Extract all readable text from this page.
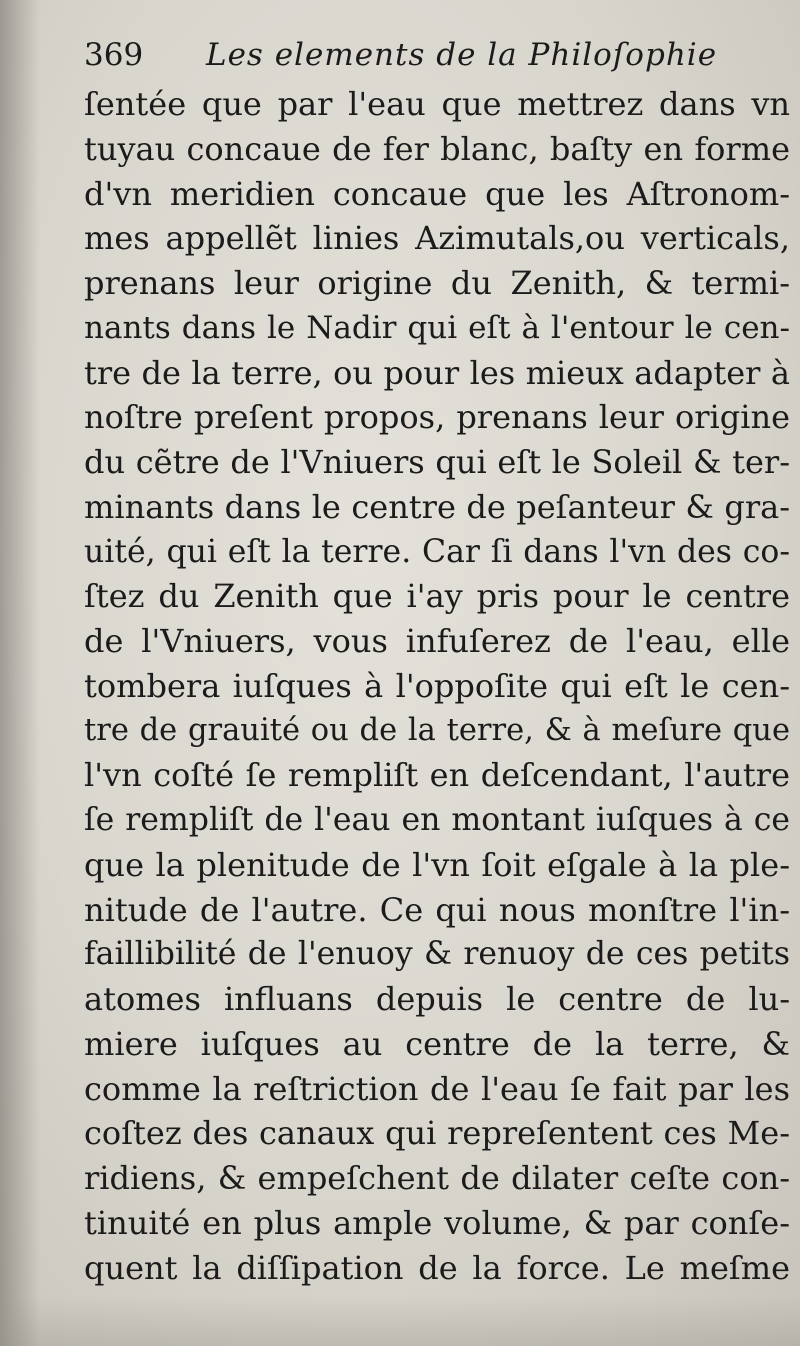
369 Les elements de la Philoſophie
ſentée que par l'eau que mettrez dans vn
tuyau concaue de fer blanc, baſty en forme
d'vn meridien concaue que les Aſtronom-
mes appellẽt linies Azimutals,ou verticals,
prenans leur origine du Zenith, & termi-
nants dans le Nadir qui eſt à l'entour le cen-
tre de la terre, ou pour les mieux adapter à
noſtre preſent propos, prenans leur origine
du cẽtre de l'Vniuers qui eſt le Soleil & ter-
minants dans le centre de peſanteur & gra-
uité, qui eſt la terre. Car ſi dans l'vn des co-
ſtez du Zenith que i'ay pris pour le centre
de l'Vniuers, vous infuſerez de l'eau, elle
tombera iuſques à l'oppoſite qui eſt le cen-
tre de grauité ou de la terre, & à meſure que
l'vn coſté ſe rempliſt en deſcendant, l'autre
ſe rempliſt de l'eau en montant iuſques à ce
que la plenitude de l'vn ſoit eſgale à la ple-
nitude de l'autre. Ce qui nous monſtre l'in-
faillibilité de l'enuoy & renuoy de ces petits
atomes influans depuis le centre de lu-
miere iuſques au centre de la terre, &
comme la reſtriction de l'eau ſe fait par les
coſtez des canaux qui repreſentent ces Me-
ridiens, & empeſchent de dilater ceſte con-
tinuité en plus ample volume, & par conſe-
quent la diſſipation de la force. Le meſme
